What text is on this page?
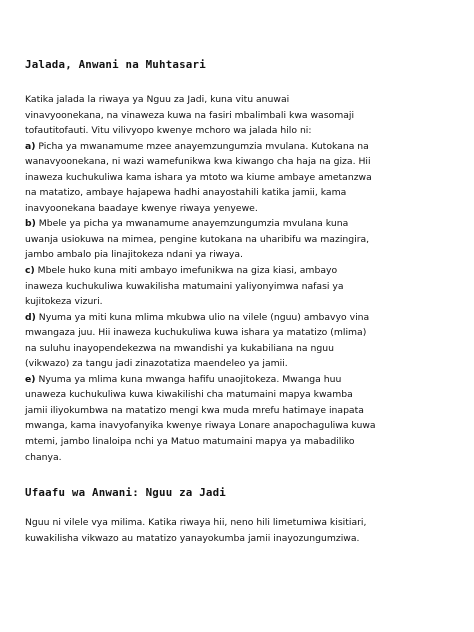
Jalada, Anwani na Muhtasari
Katika jalada la riwaya ya Nguu za Jadi, kuna vitu anuwai
vinavyoonekana, na vinaweza kuwa na fasiri mbalimbali kwa wasomaji
tofautitofauti. Vitu vilivyopo kwenye mchoro wa jalada hilo ni:
a) Picha ya mwanamume mzee anayemzungumzia mvulana. Kutokana na
wanavyoonekana, ni wazi wamefunikwa kwa kiwango cha haja na giza. Hii
inaweza kuchukuliwa kama ishara ya mtoto wa kiume ambaye ametanzwa
na matatizo, ambaye hajapewa hadhi anayostahili katika jamii, kama
inavyoonekana baadaye kwenye riwaya yenyewe.
b) Mbele ya picha ya mwanamume anayemzungumzia mvulana kuna
uwanja usiokuwa na mimea, pengine kutokana na uharibifu wa mazingira,
jambo ambalo pia linajitokeza ndani ya riwaya.
c) Mbele huko kuna miti ambayo imefunikwa na giza kiasi, ambayo
inaweza kuchukuliwa kuwakilisha matumaini yaliyonyimwa nafasi ya
kujitokeza vizuri.
d) Nyuma ya miti kuna mlima mkubwa ulio na vilele (nguu) ambavyo vina
mwangaza juu. Hii inaweza kuchukuliwa kuwa ishara ya matatizo (mlima)
na suluhu inayopendekezwa na mwandishi ya kukabiliana na nguu
(vikwazo) za tangu jadi zinazotatiza maendeleo ya jamii.
e) Nyuma ya mlima kuna mwanga hafifu unaojitokeza. Mwanga huu
unaweza kuchukuliwa kuwa kiwakilishi cha matumaini mapya kwamba
jamii iliyokumbwa na matatizo mengi kwa muda mrefu hatimaye inapata
mwanga, kama inavyofanyika kwenye riwaya Lonare anapochaguliwa kuwa
mtemi, jambo linaloipa nchi ya Matuo matumaini mapya ya mabadiliko
chanya.
Ufaafu wa Anwani: Nguu za Jadi
Nguu ni vilele vya milima. Katika riwaya hii, neno hili limetumiwa kisitiari,
kuwakilisha vikwazo au matatizo yanayokumba jamii inayozungumziwa.
